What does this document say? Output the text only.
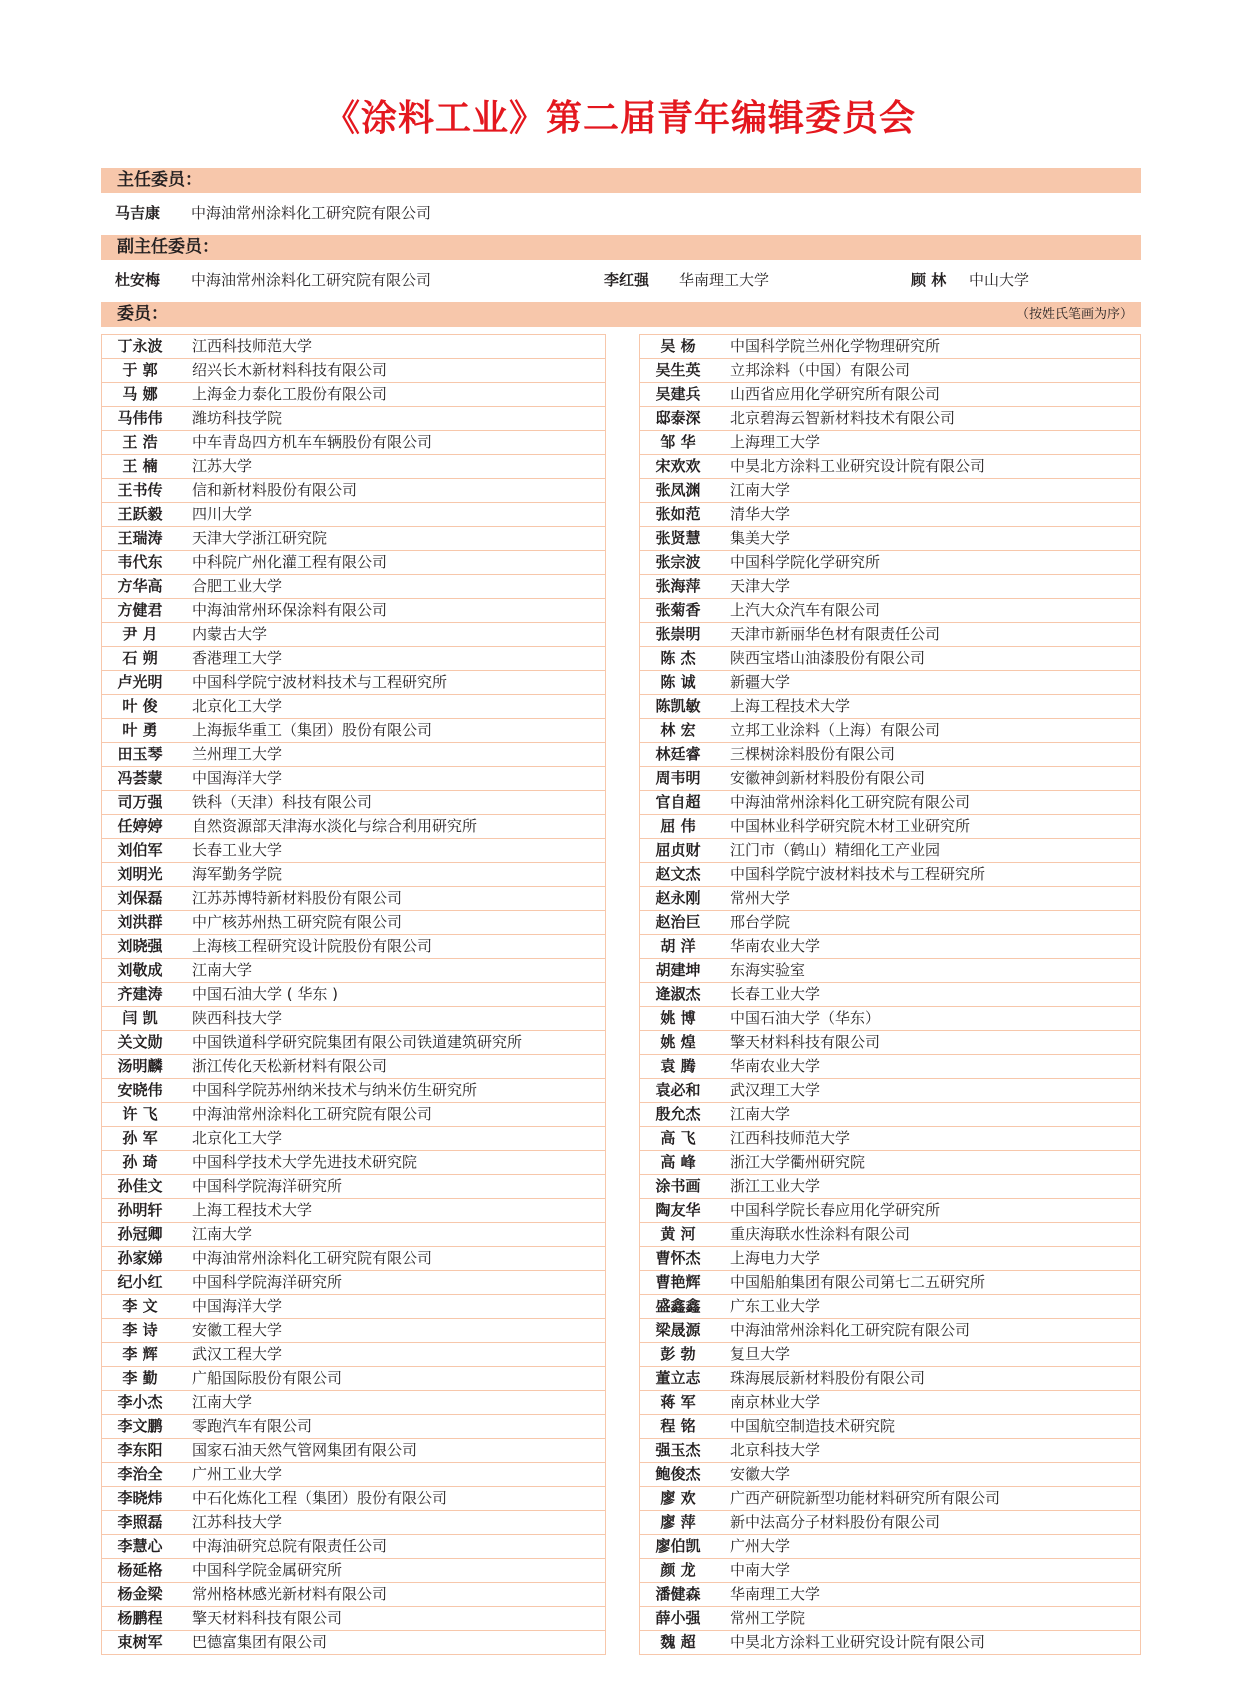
《涂料工业》第二届青年编辑委员会
主任委员：
马吉康 中海油常州涂料化工研究院有限公司
副主任委员：
杜安梅 中海油常州涂料化工研究院有限公司	李红强 华南理工大学	顾 林 中山大学
委员：	（按姓氏笔画为序）
丁永波	江西科技师范大学
于 郭	绍兴长木新材料科技有限公司
马 娜	上海金力泰化工股份有限公司
马伟伟	潍坊科技学院
王 浩	中车青岛四方机车车辆股份有限公司
王 楠	江苏大学
王书传	信和新材料股份有限公司
王跃毅	四川大学
王瑞涛	天津大学浙江研究院
韦代东	中科院广州化灌工程有限公司
方华高	合肥工业大学
方健君	中海油常州环保涂料有限公司
尹 月	内蒙古大学
石 朔	香港理工大学
卢光明	中国科学院宁波材料技术与工程研究所
叶 俊	北京化工大学
叶 勇	上海振华重工（集团）股份有限公司
田玉琴	兰州理工大学
冯荟蒙	中国海洋大学
司万强	铁科（天津）科技有限公司
任婷婷	自然资源部天津海水淡化与综合利用研究所
刘伯军	长春工业大学
刘明光	海军勤务学院
刘保磊	江苏苏博特新材料股份有限公司
刘洪群	中广核苏州热工研究院有限公司
刘晓强	上海核工程研究设计院股份有限公司
刘敬成	江南大学
齐建涛	中国石油大学 ( 华东 )
闫 凯	陕西科技大学
关文勋	中国铁道科学研究院集团有限公司铁道建筑研究所
汤明麟	浙江传化天松新材料有限公司
安晓伟	中国科学院苏州纳米技术与纳米仿生研究所
许 飞	中海油常州涂料化工研究院有限公司
孙 军	北京化工大学
孙 琦	中国科学技术大学先进技术研究院
孙佳文	中国科学院海洋研究所
孙明轩	上海工程技术大学
孙冠卿	江南大学
孙家娣	中海油常州涂料化工研究院有限公司
纪小红	中国科学院海洋研究所
李 文	中国海洋大学
李 诗	安徽工程大学
李 辉	武汉工程大学
李 勤	广船国际股份有限公司
李小杰	江南大学
李文鹏	零跑汽车有限公司
李东阳	国家石油天然气管网集团有限公司
李治全	广州工业大学
李晓炜	中石化炼化工程（集团）股份有限公司
李照磊	江苏科技大学
李慧心	中海油研究总院有限责任公司
杨延格	中国科学院金属研究所
杨金梁	常州格林感光新材料有限公司
杨鹏程	擎天材料科技有限公司
束树军	巴德富集团有限公司
吴 杨	中国科学院兰州化学物理研究所
吴生英	立邦涂料（中国）有限公司
吴建兵	山西省应用化学研究所有限公司
邸泰深	北京碧海云智新材料技术有限公司
邹 华	上海理工大学
宋欢欢	中昊北方涂料工业研究设计院有限公司
张凤渊	江南大学
张如范	清华大学
张贤慧	集美大学
张宗波	中国科学院化学研究所
张海萍	天津大学
张菊香	上汽大众汽车有限公司
张崇明	天津市新丽华色材有限责任公司
陈 杰	陕西宝塔山油漆股份有限公司
陈 诚	新疆大学
陈凯敏	上海工程技术大学
林 宏	立邦工业涂料（上海）有限公司
林廷睿	三棵树涂料股份有限公司
周韦明	安徽神剑新材料股份有限公司
官自超	中海油常州涂料化工研究院有限公司
屈 伟	中国林业科学研究院木材工业研究所
屈贞财	江门市（鹤山）精细化工产业园
赵文杰	中国科学院宁波材料技术与工程研究所
赵永刚	常州大学
赵治巨	邢台学院
胡 洋	华南农业大学
胡建坤	东海实验室
逄淑杰	长春工业大学
姚 博	中国石油大学（华东）
姚 煌	擎天材料科技有限公司
袁 腾	华南农业大学
袁必和	武汉理工大学
殷允杰	江南大学
高 飞	江西科技师范大学
高 峰	浙江大学衢州研究院
涂书画	浙江工业大学
陶友华	中国科学院长春应用化学研究所
黄 河	重庆海联水性涂料有限公司
曹怀杰	上海电力大学
曹艳辉	中国船舶集团有限公司第七二五研究所
盛鑫鑫	广东工业大学
梁晟源	中海油常州涂料化工研究院有限公司
彭 勃	复旦大学
董立志	珠海展辰新材料股份有限公司
蒋 军	南京林业大学
程 铭	中国航空制造技术研究院
强玉杰	北京科技大学
鲍俊杰	安徽大学
廖 欢	广西产研院新型功能材料研究所有限公司
廖 萍	新中法高分子材料股份有限公司
廖伯凯	广州大学
颜 龙	中南大学
潘健森	华南理工大学
薛小强	常州工学院
魏 超	中昊北方涂料工业研究设计院有限公司
